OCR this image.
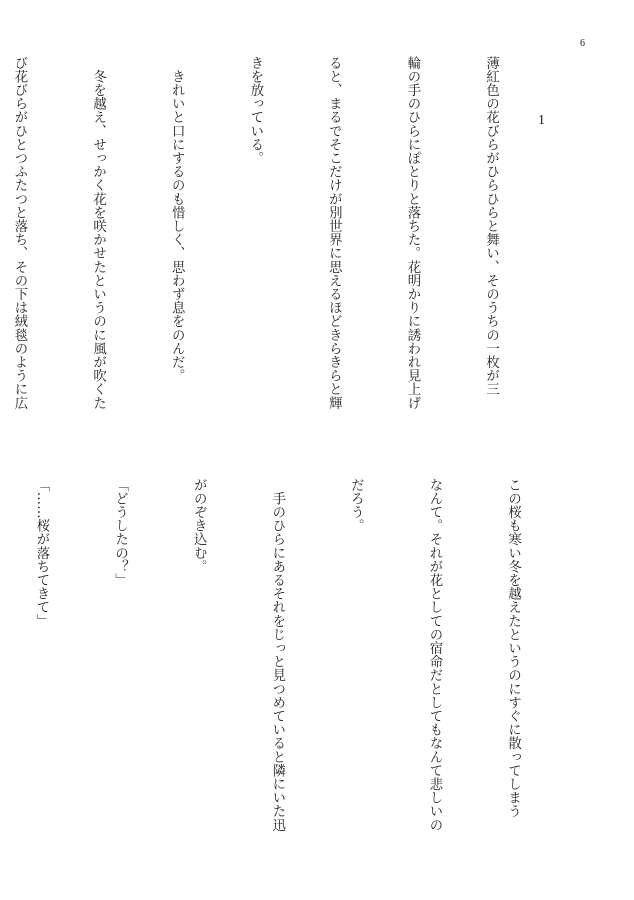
6
1

薄紅色の花びらがひらひらと舞い、そのうちの一枚が三

輪の手のひらにぽとりと落ちた。花明かりに誘われ見上げ

ると、まるでそこだけが別世界に思えるほどきらきらと輝

きを放っている。

　きれいと口にするのも惜しく、思わず息をのんだ。

　冬を越え、せっかく花を咲かせたというのに風が吹くた

び花びらがひとつふたつと落ち、その下は絨毯のように広

この桜も寒い冬を越えたというのにすぐに散ってしまう

なんて。それが花としての宿命だとしてもなんて悲しいの

だろう。

　手のひらにあるそれをじっと見つめていると隣にいた迅

がのぞき込む。

「どうしたの？」

「……桜が落ちてきて」
